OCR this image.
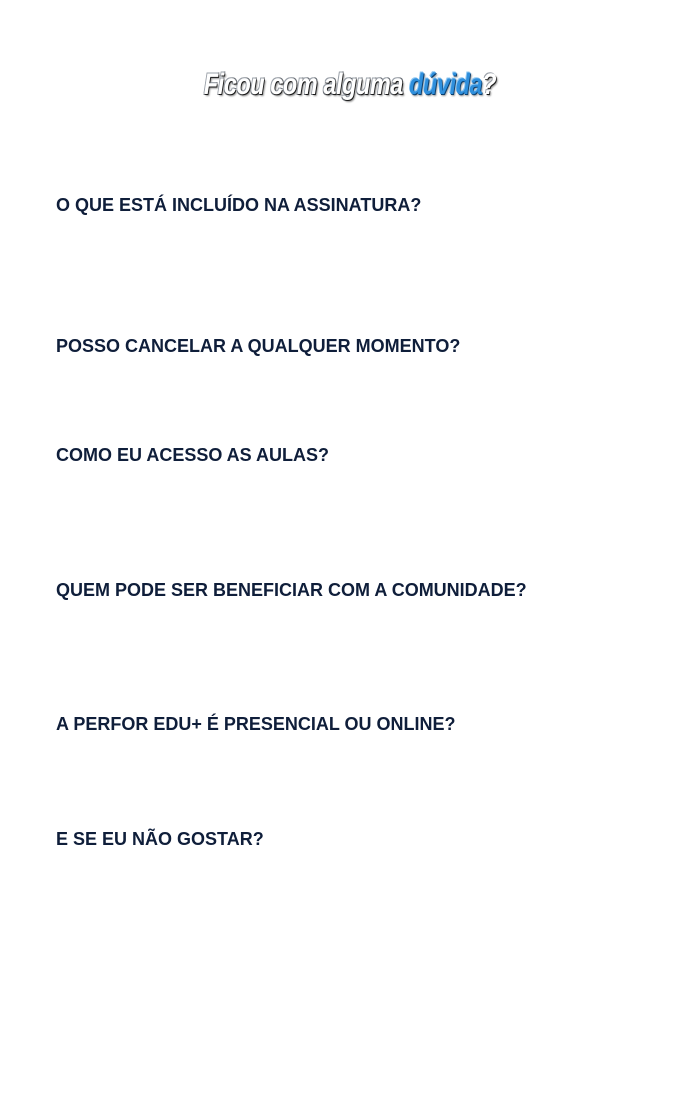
Ficou com alguma dúvida?
O QUE ESTÁ INCLUÍDO NA ASSINATURA?
POSSO CANCELAR A QUALQUER MOMENTO?
COMO EU ACESSO AS AULAS?
QUEM PODE SER BENEFICIAR COM A COMUNIDADE?
A PERFOR EDU+ É PRESENCIAL OU ONLINE?
E SE EU NÃO GOSTAR?
